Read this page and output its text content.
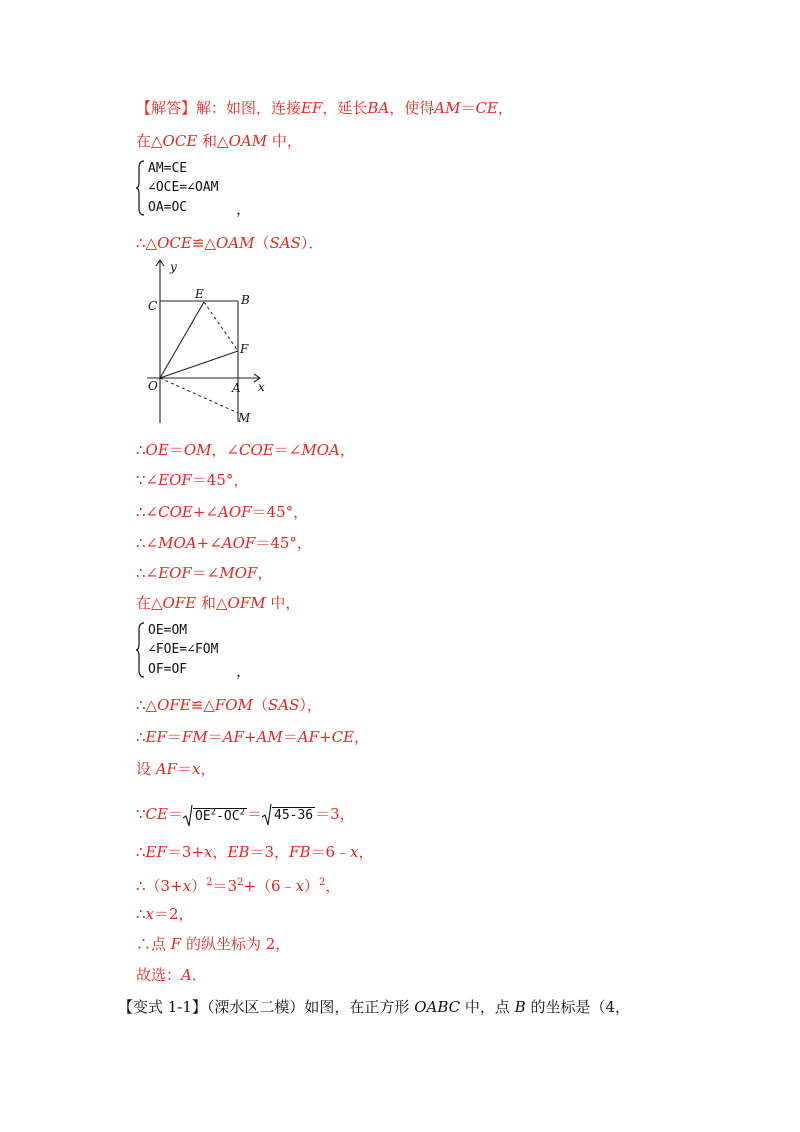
【解答】解：如图，连接EF，延长BA，使得AM＝CE，
在△OCE 和△OAM 中，
AM=CE
∠OCE=∠OAM
OA=OC	，
∴△OCE≌△OAM（SAS）．
y
x
O	A
B
C
E
F
M
∴OE＝OM，∠COE＝∠MOA，
∵∠EOF＝45°，
∴∠COE+∠AOF＝45°，
∴∠MOA+∠AOF＝45°，
∴∠EOF＝∠MOF，
在△OFE 和△OFM 中，
OE=OM
∠FOE=∠FOM
OF=OF	，
∴△OFE≌△FOM（SAS），
∴EF＝FM＝AF+AM＝AF+CE，
设 AF＝x，
∵CE＝ $OE^2-OC^2 = 45-36 =3$，
∴EF＝3+x，EB＝3，FB＝6﹣x，
$\therefore(3+x)^2=3^2+(6﹣x)^2$，
∴x＝2，
∴点 F 的纵坐标为 2，
故选：A．
【变式 1-1】（溧水区二模）如图，在正方形 OABC 中，点 B 的坐标是（4，
